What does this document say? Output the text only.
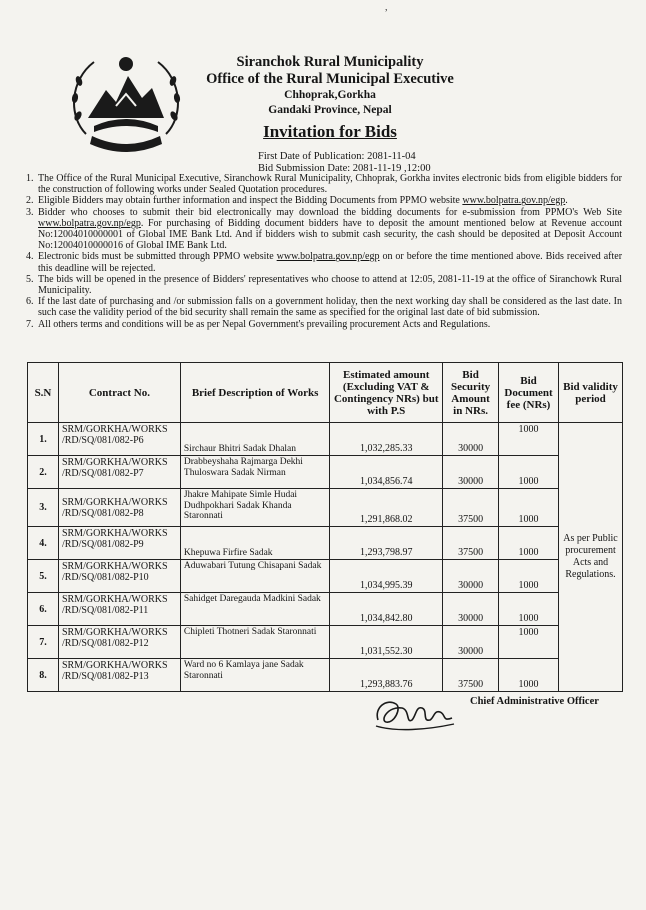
,
Siranchok Rural Municipality
Office of the Rural Municipal Executive
Chhoprak,Gorkha
Gandaki Province, Nepal
Invitation for Bids
First Date of Publication: 2081-11-04
Bid Submission Date: 2081-11-19 ,12:00
1. The Office of the Rural Municipal Executive, Siranchowk Rural Municipality, Chhoprak, Gorkha invites electronic bids from eligible bidders for the construction of following works under Sealed Quotation procedures.
2. Eligible Bidders may obtain further information and inspect the Bidding Documents from PPMO website www.bolpatra.gov.np/egp.
3. Bidder who chooses to submit their bid electronically may download the bidding documents for e-submission from PPMO's Web Site www.bolpatra.gov.np/egp. For purchasing of Bidding document bidders have to deposit the amount mentioned below at Revenue account No:12004010000001 of Global IME Bank Ltd. And if bidders wish to submit cash security, the cash should be deposited at Deposit Account No:12004010000016 of Global IME Bank Ltd.
4. Electronic bids must be submitted through PPMO website www.bolpatra.gov.np/egp on or before the time mentioned above. Bids received after this deadline will be rejected.
5. The bids will be opened in the presence of Bidders' representatives who choose to attend at 12:05, 2081-11-19 at the office of Siranchowk Rural Municipality.
6. If the last date of purchasing and /or submission falls on a government holiday, then the next working day shall be considered as the last date. In such case the validity period of the bid security shall remain the same as specified for the original last date of bid submission.
7. All others terms and conditions will be as per Nepal Government's prevailing procurement Acts and Regulations.
S.N	Contract No.	Brief Description of Works	Estimated amount (Excluding VAT & Contingency NRs) but with P.S	Bid Security Amount in NRs.	Bid Document fee (NRs)	Bid validity period
1.	SRM/GORKHA/WORKS /RD/SQ/081/082-P6	Sirchaur Bhitri Sadak Dhalan	1,032,285.33	30000	1000	As per Public procurement Acts and Regulations.
2.	SRM/GORKHA/WORKS /RD/SQ/081/082-P7	Drabbeyshaha Rajmarga Dekhi Thuloswara Sadak Nirman	1,034,856.74	30000	1000	
3.	SRM/GORKHA/WORKS /RD/SQ/081/082-P8	Jhakre Mahipate Simle Hudai Dudhpokhari Sadak Khanda Staronnati	1,291,868.02	37500	1000	
4.	SRM/GORKHA/WORKS /RD/SQ/081/082-P9	Khepuwa Firfire Sadak	1,293,798.97	37500	1000	
5.	SRM/GORKHA/WORKS /RD/SQ/081/082-P10	Aduwabari Tutung Chisapani Sadak	1,034,995.39	30000	1000	
6.	SRM/GORKHA/WORKS /RD/SQ/081/082-P11	Sahidget Daregauda Madkini Sadak	1,034,842.80	30000	1000	
7.	SRM/GORKHA/WORKS /RD/SQ/081/082-P12	Chipleti Thotneri Sadak Staronnati	1,031,552.30	30000	1000	
8.	SRM/GORKHA/WORKS /RD/SQ/081/082-P13	Ward no 6 Kamlaya jane Sadak Staronnati	1,293,883.76	37500	1000	
Chief Administrative Officer
